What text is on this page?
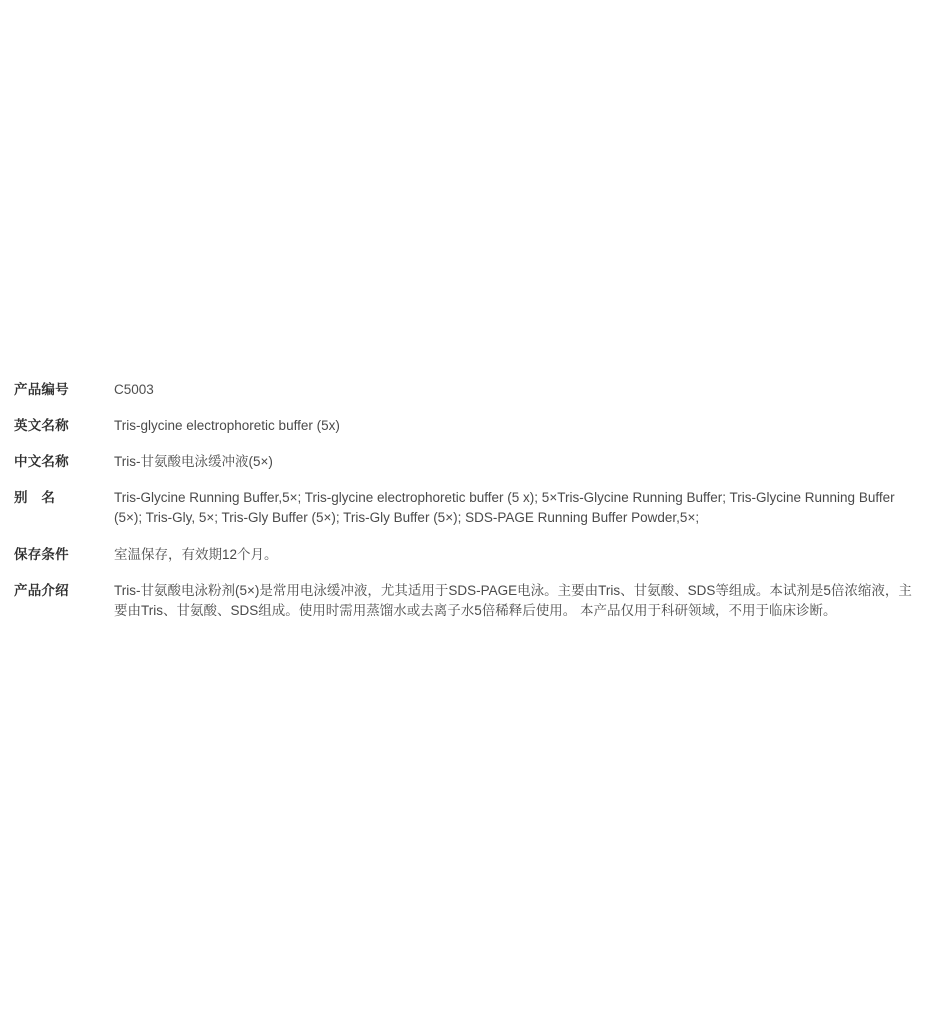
产品编号	C5003
英文名称	Tris-glycine electrophoretic buffer (5x)
中文名称	Tris-甘氨酸电泳缓冲液(5×)
别　名	Tris-Glycine Running Buffer,5×; Tris-glycine electrophoretic buffer (5 x); 5×Tris-Glycine Running Buffer; Tris-Glycine Running Buffer (5×); Tris-Gly, 5×; Tris-Gly Buffer (5×); Tris-Gly Buffer (5×); SDS-PAGE Running Buffer Powder,5×;
保存条件	室温保存，有效期12个月。
产品介绍	Tris-甘氨酸电泳粉剂(5×)是常用电泳缓冲液，尤其适用于SDS-PAGE电泳。主要由Tris、甘氨酸、SDS等组成。本试剂是5倍浓缩液，主要由Tris、甘氨酸、SDS组成。使用时需用蒸馏水或去离子水5倍稀释后使用。 本产品仅用于科研领域，不用于临床诊断。
